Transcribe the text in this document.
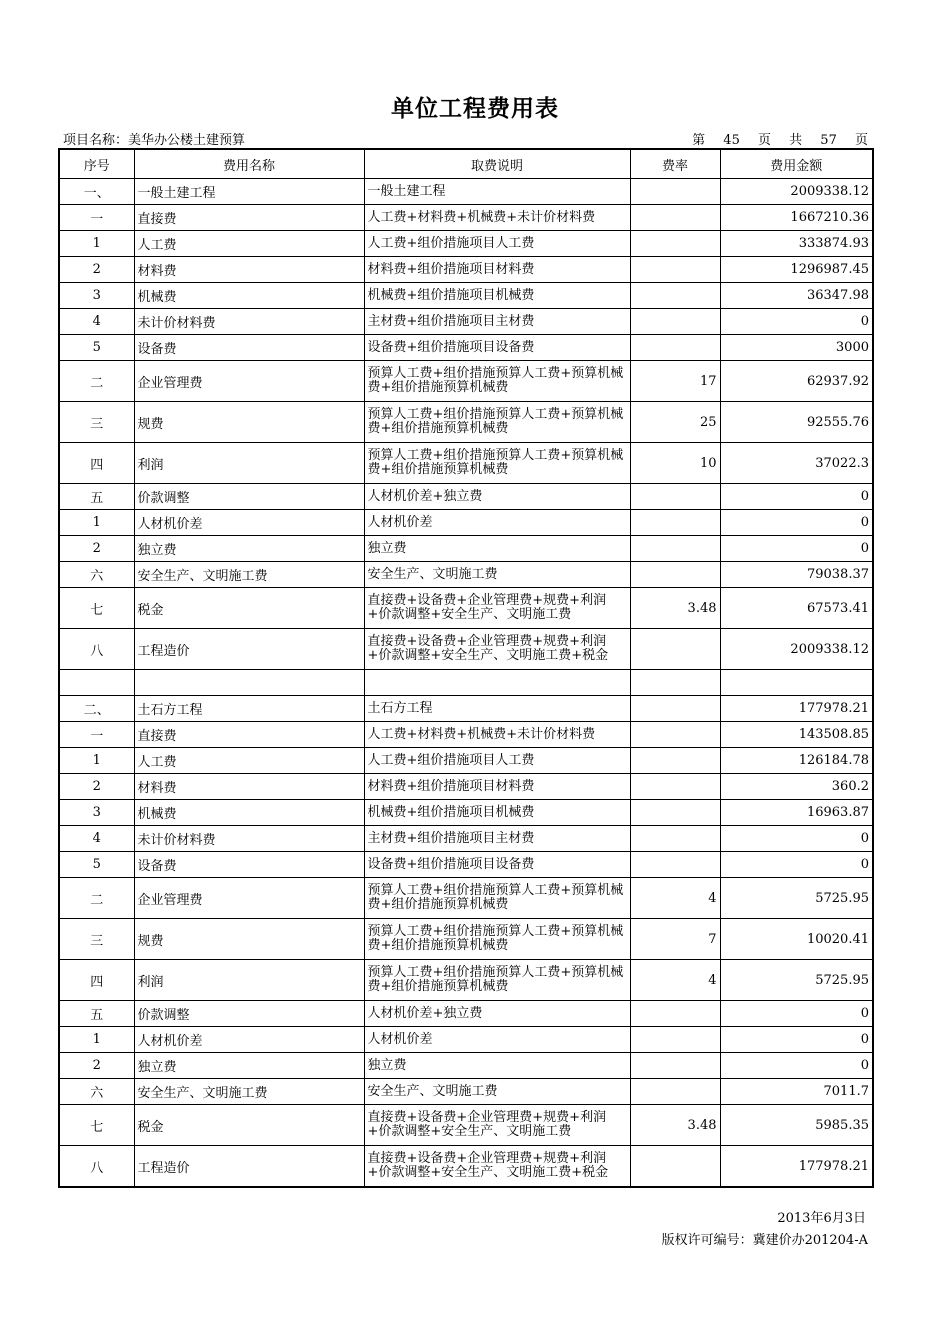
单位工程费用表
项目名称：美华办公楼土建预算	第 45 页 共 57 页
序号	费用名称	取费说明	费率	费用金额
一、	一般土建工程	一般土建工程		2009338.12
一	直接费	人工费+材料费+机械费+未计价材料费		1667210.36
1	人工费	人工费+组价措施项目人工费		333874.93
2	材料费	材料费+组价措施项目材料费		1296987.45
3	机械费	机械费+组价措施项目机械费		36347.98
4	未计价材料费	主材费+组价措施项目主材费		0
5	设备费	设备费+组价措施项目设备费		3000
二	企业管理费	预算人工费+组价措施预算人工费+预算机械费+组价措施预算机械费	17	62937.92
三	规费	预算人工费+组价措施预算人工费+预算机械费+组价措施预算机械费	25	92555.76
四	利润	预算人工费+组价措施预算人工费+预算机械费+组价措施预算机械费	10	37022.3
五	价款调整	人材机价差+独立费		0
1	人材机价差	人材机价差		0
2	独立费	独立费		0
六	安全生产、文明施工费	安全生产、文明施工费		79038.37
七	税金	直接费+设备费+企业管理费+规费+利润+价款调整+安全生产、文明施工费	3.48	67573.41
八	工程造价	直接费+设备费+企业管理费+规费+利润+价款调整+安全生产、文明施工费+税金		2009338.12

二、	土石方工程	土石方工程		177978.21
一	直接费	人工费+材料费+机械费+未计价材料费		143508.85
1	人工费	人工费+组价措施项目人工费		126184.78
2	材料费	材料费+组价措施项目材料费		360.2
3	机械费	机械费+组价措施项目机械费		16963.87
4	未计价材料费	主材费+组价措施项目主材费		0
5	设备费	设备费+组价措施项目设备费		0
二	企业管理费	预算人工费+组价措施预算人工费+预算机械费+组价措施预算机械费	4	5725.95
三	规费	预算人工费+组价措施预算人工费+预算机械费+组价措施预算机械费	7	10020.41
四	利润	预算人工费+组价措施预算人工费+预算机械费+组价措施预算机械费	4	5725.95
五	价款调整	人材机价差+独立费		0
1	人材机价差	人材机价差		0
2	独立费	独立费		0
六	安全生产、文明施工费	安全生产、文明施工费		7011.7
七	税金	直接费+设备费+企业管理费+规费+利润+价款调整+安全生产、文明施工费	3.48	5985.35
八	工程造价	直接费+设备费+企业管理费+规费+利润+价款调整+安全生产、文明施工费+税金		177978.21
2013年6月3日
版权许可编号：冀建价办201204-A
